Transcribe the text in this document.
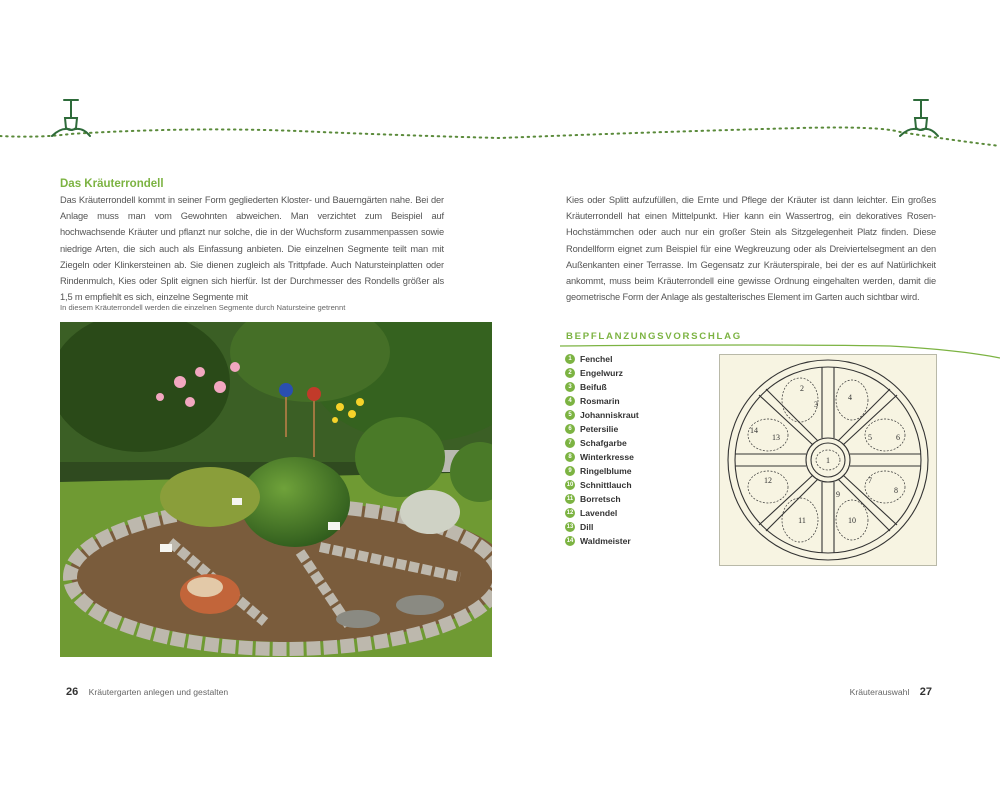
Das Kräuterrondell
Das Kräuterrondell kommt in seiner Form gegliederten Kloster- und Bauerngärten nahe. Bei der Anlage muss man vom Gewohnten abweichen. Man verzichtet zum Beispiel auf hochwachsende Kräuter und pflanzt nur solche, die in der Wuchsform zusammenpassen sowie niedrige Arten, die sich auch als Einfassung anbieten. Die einzelnen Segmente teilt man mit Ziegeln oder Klinkersteinen ab. Sie dienen zugleich als Trittpfade. Auch Natursteinplatten oder Rindenmulch, Kies oder Split eignen sich hierfür. Ist der Durchmesser des Rondells größer als 1,5 m empfiehlt es sich, einzelne Segmente mit
In diesem Kräuterrondell werden die einzelnen Segmente durch Natursteine getrennt
26 Kräutergarten anlegen und gestalten
Kies oder Splitt aufzufüllen, die Ernte und Pflege der Kräuter ist dann leichter. Ein großes Kräuterrondell hat einen Mittelpunkt. Hier kann ein Wassertrog, ein dekoratives Rosen-Hochstämmchen oder auch nur ein großer Stein als Sitzgelegenheit Platz finden. Diese Rondellform eignet zum Beispiel für eine Wegkreuzung oder als Dreiviertelsegment an den Außenkanten einer Terrasse. Im Gegensatz zur Kräuterspirale, bei der es auf Natürlichkeit ankommt, muss beim Kräuterrondell eine gewisse Ordnung eingehalten werden, damit die geometrische Form der Anlage als gestalterisches Element im Garten auch sichtbar wird.
BEPFLANZUNGSVORSCHLAG
1 Fenchel
2 Engelwurz
3 Beifuß
4 Rosmarin
5 Johanniskraut
6 Petersilie
7 Schafgarbe
8 Winterkresse
9 Ringelblume
10 Schnittlauch
11 Borretsch
12 Lavendel
13 Dill
14 Waldmeister
1
2
3
4
5	6
7
8
9
10
11
12
13
14
Kräuterauswahl 27
